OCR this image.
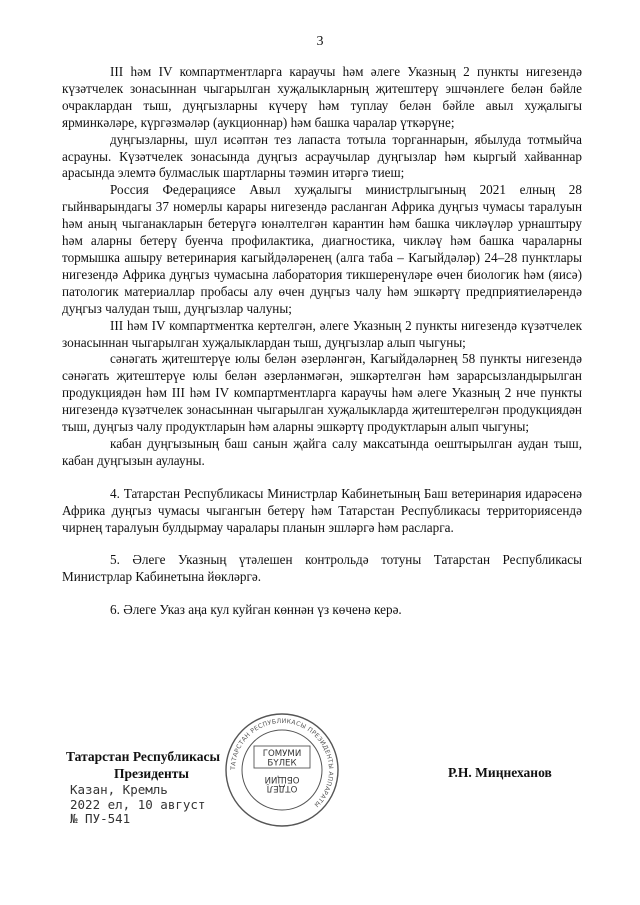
3

III һәм IV компартментларга караучы һәм әлеге Указның 2 пункты нигезендә күзәтчелек зонасыннан чыгарылган хуҗалыкларның җитештерү эшчәнлеге белән бәйле очраклардан тыш, дуңгызларны күчерү һәм туплау белән бәйле авыл хуҗалыгы ярминкәләре, күргәзмәләр (аукционнар) һәм башка чаралар үткәрүне;

дуңгызларны, шул исәптән тез лапаста тотыла торганнарын, ябылуда тотмыйча асрауны. Күзәтчелек зонасында дуңгыз асраучылар дуңгызлар һәм кыргый хайваннар арасында элемтә булмаслык шартларны тәэмин итәргә тиеш;

Россия Федерациясе Авыл хуҗалыгы министрлыгының 2021 елның 28 гыйнварындагы 37 номерлы карары нигезендә расланган Африка дуңгыз чумасы таралуын һәм аның чыганакларын бетерүгә юнәлтелгән карантин һәм башка чикләүләр урнаштыру һәм аларны бетерү буенча профилактика, диагностика, чикләү һәм башка чараларны тормышка ашыру ветеринария кагыйдәләренең (алга таба – Кагыйдәләр) 24–28 пунктлары нигезендә Африка дуңгыз чумасына лаборатория тикшеренүләре өчен биологик һәм (яисә) патологик материаллар пробасы алу өчен дуңгыз чалу һәм эшкәртү предприятиеләрендә дуңгыз чалудан тыш, дуңгызлар чалуны;

III һәм IV компартментка кертелгән, әлеге Указның 2 пункты нигезендә күзәтчелек зонасыннан чыгарылган хуҗалыклардан тыш, дуңгызлар алып чыгуны;

сәнәгать җитештерүе юлы белән әзерләнгән, Кагыйдәләрнең 58 пункты нигезендә сәнәгать җитештерүе юлы белән әзерләнмәгән, эшкәртелгән һәм зарарсызландырылган продукциядән һәм III һәм IV компартментларга караучы һәм әлеге Указның 2 нче пункты нигезендә күзәтчелек зонасыннан чыгарылган хуҗалыкларда җитештерелгән продукциядән тыш, дуңгыз чалу продуктларын һәм аларны эшкәртү продуктларын алып чыгуны;

кабан дуңгызының баш санын җайга салу максатында оештырылган аудан тыш, кабан дуңгызын аулауны.

4. Татарстан Республикасы Министрлар Кабинетының Баш ветеринария идарәсенә Африка дуңгыз чумасы чыгангын бетерү һәм Татарстан Республикасы территориясендә чирнең таралуын булдырмау чаралары планын эшләргә һәм расларга.

5. Әлеге Указның үтәлешен контрольдә тотуны Татарстан Республикасы Министрлар Кабинетына йөкләргә.

6. Әлеге Указ аңа кул куйган көннән үз көченә керә.

Татарстан Республикасы
Президенты
Казан, Кремль
2022 ел, 10 август
№ ПУ-541
Р.Н. Миңнеханов
ТАТАРСТАН РЕСПУБЛИКАСЫ ПРЕЗИДЕНТЫ АППАРАТЫ
ГОМУМИ
БҮЛЕК
ОТДЕЛ
ОБЩИЙ
